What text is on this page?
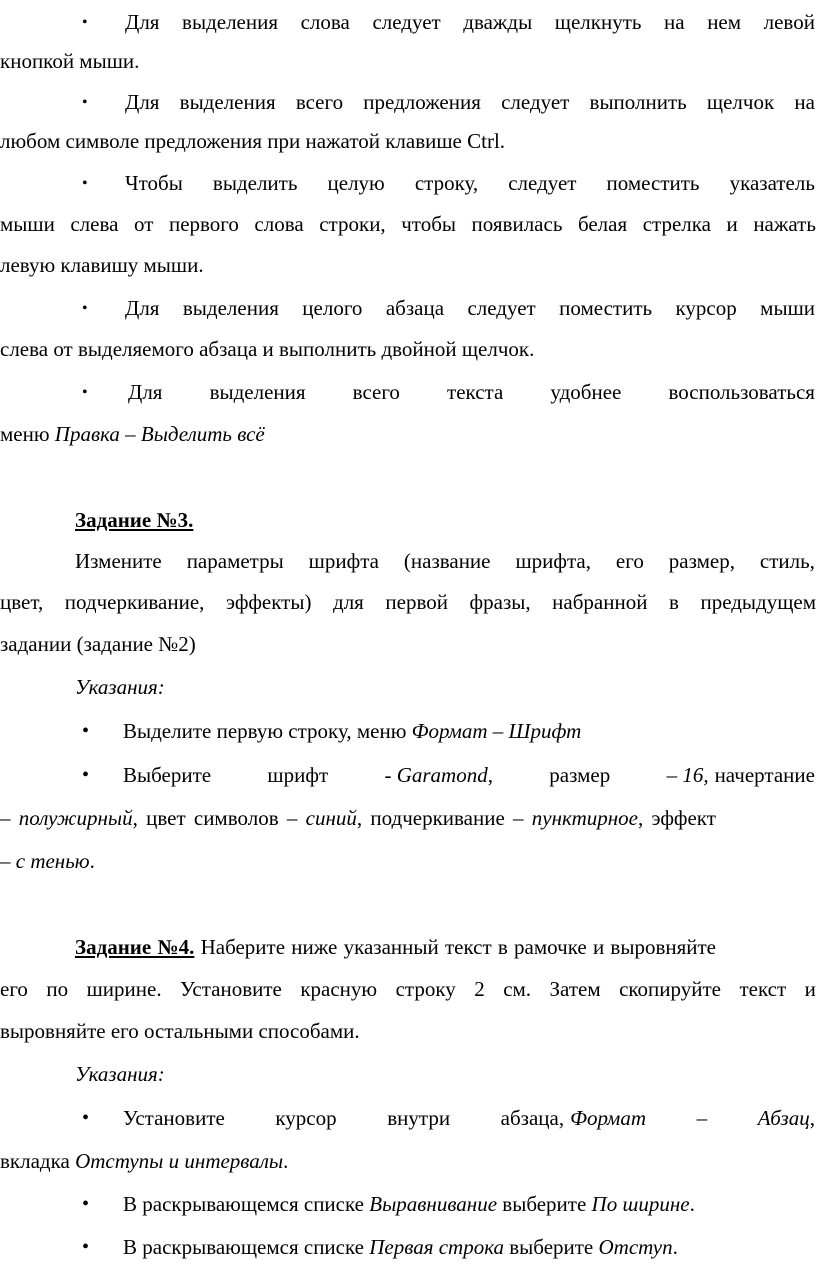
• Для выделения слова следует дважды щелкнуть на нем левой
кнопкой мыши.
• Для выделения всего предложения следует выполнить щелчок на
любом символе предложения при нажатой клавише Ctrl.
• Чтобы выделить целую строку, следует поместить указатель
мыши слева от первого слова строки, чтобы появилась белая стрелка и нажать
левую клавишу мыши.
• Для выделения целого абзаца следует поместить курсор мыши
слева от выделяемого абзаца и выполнить двойной щелчок.
• Для выделения всего текста удобнее воспользоваться
меню Правка – Выделить всё
Задание №3.
Измените параметры шрифта (название шрифта, его размер, стиль,
цвет, подчеркивание, эффекты) для первой фразы, набранной в предыдущем
задании (задание №2)
Указания:
• Выделите первую строку, меню Формат – Шрифт
• Выберите	шрифт	- Garamond,	размер	– 16, начертание
– полужирный, цвет символов – синий, подчеркивание – пунктирное, эффект
– с тенью.
Задание №4. Наберите ниже указанный текст в рамочке и выровняйте
его по ширине. Установите красную строку 2 см. Затем скопируйте текст и
выровняйте его остальными способами.
Указания:
• Установите курсор внутри абзаца, Формат – Абзац,
вкладка Отступы и интервалы.
• В раскрывающемся списке Выравнивание выберите По ширине.
• В раскрывающемся списке Первая строка выберите Отступ.
